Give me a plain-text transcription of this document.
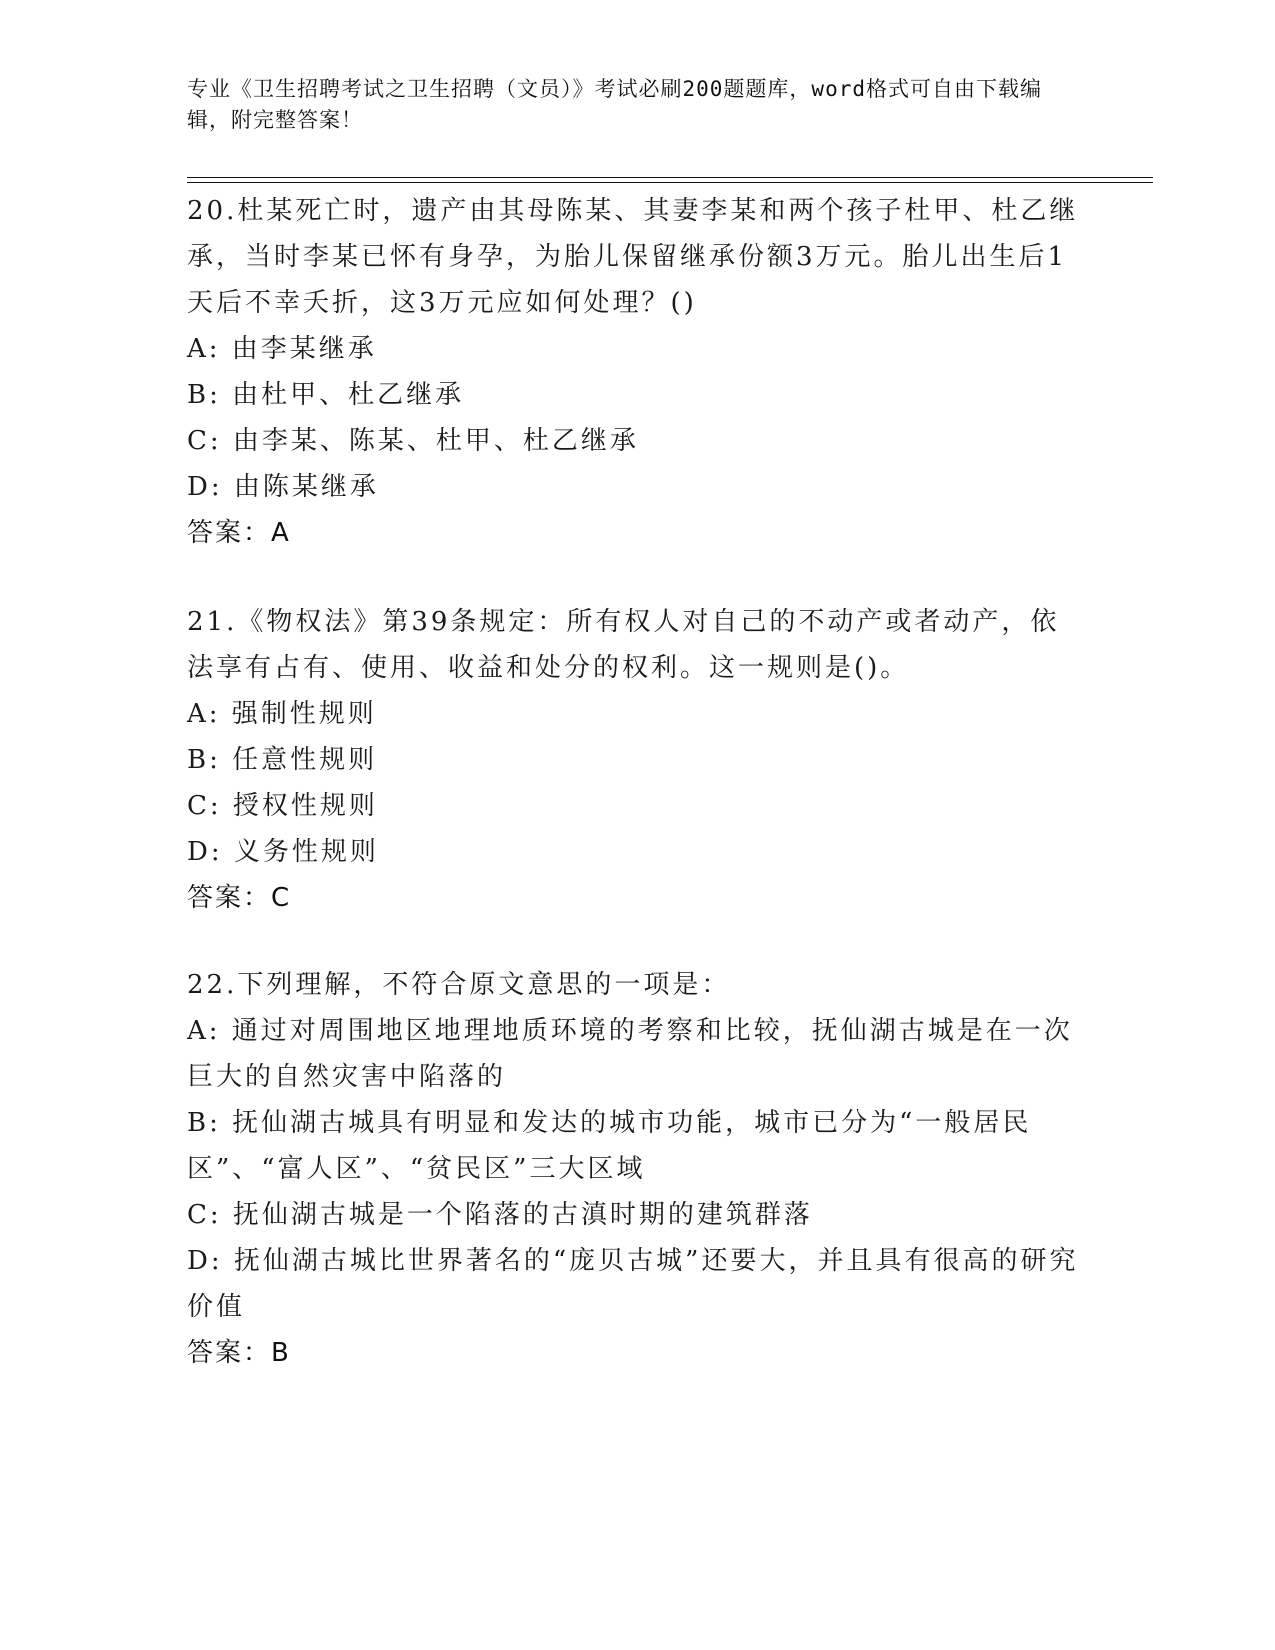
专业《卫生招聘考试之卫生招聘（文员）》考试必刷200题题库，word格式可自由下载编辑，附完整答案！

20.杜某死亡时，遗产由其母陈某、其妻李某和两个孩子杜甲、杜乙继承，当时李某已怀有身孕，为胎儿保留继承份额3万元。胎儿出生后1天后不幸夭折，这3万元应如何处理？()

A: 由李某继承

B: 由杜甲、杜乙继承

C: 由李某、陈某、杜甲、杜乙继承

D: 由陈某继承

答案：A

21.《物权法》第39条规定：所有权人对自己的不动产或者动产，依法享有占有、使用、收益和处分的权利。这一规则是()。

A: 强制性规则

B: 任意性规则

C: 授权性规则

D: 义务性规则

答案：C

22.下列理解，不符合原文意思的一项是：

A: 通过对周围地区地理地质环境的考察和比较，抚仙湖古城是在一次巨大的自然灾害中陷落的

B: 抚仙湖古城具有明显和发达的城市功能，城市已分为“一般居民区”、“富人区”、“贫民区”三大区域

C: 抚仙湖古城是一个陷落的古滇时期的建筑群落

D: 抚仙湖古城比世界著名的“庞贝古城”还要大，并且具有很高的研究价值

答案：B
